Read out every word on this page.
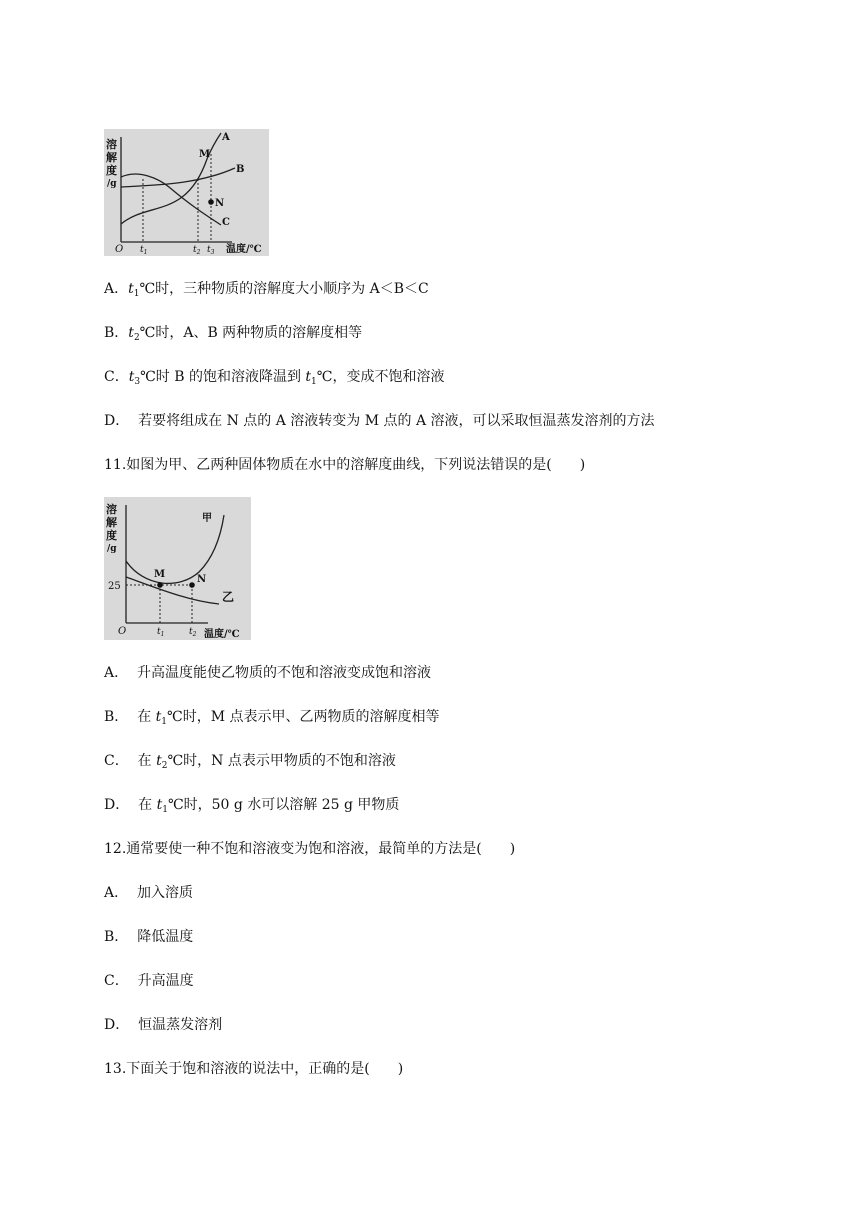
溶
解
度
/g
O	温度/℃
A
B
C
M
N
$t_1$	$t_2$ $t_3$
A．$t_1℃$时，三种物质的溶解度大小顺序为 A＜B＜C
B．$t_2℃$时，A、B 两种物质的溶解度相等
C．$t_3℃$时 B 的饱和溶液降温到 $t_1℃$，变成不饱和溶液
D． 若要将组成在 N 点的 A 溶液转变为 M 点的 A 溶液，可以采取恒温蒸发溶剂的方法
11.如图为甲、乙两种固体物质在水中的溶解度曲线，下列说法错误的是(　　)
溶
解
度
/g
O	温度/℃
25
M	N
甲
乙
$t_1$	$t_2$
A． 升高温度能使乙物质的不饱和溶液变成饱和溶液
B． 在 $t_1℃$时，M 点表示甲、乙两物质的溶解度相等
C． 在 $t_2℃$时，N 点表示甲物质的不饱和溶液
D． 在 $t_1℃$时，50 g 水可以溶解 25 g 甲物质
12.通常要使一种不饱和溶液变为饱和溶液，最简单的方法是(　　)
A． 加入溶质
B． 降低温度
C． 升高温度
D． 恒温蒸发溶剂
13.下面关于饱和溶液的说法中，正确的是(　　)
